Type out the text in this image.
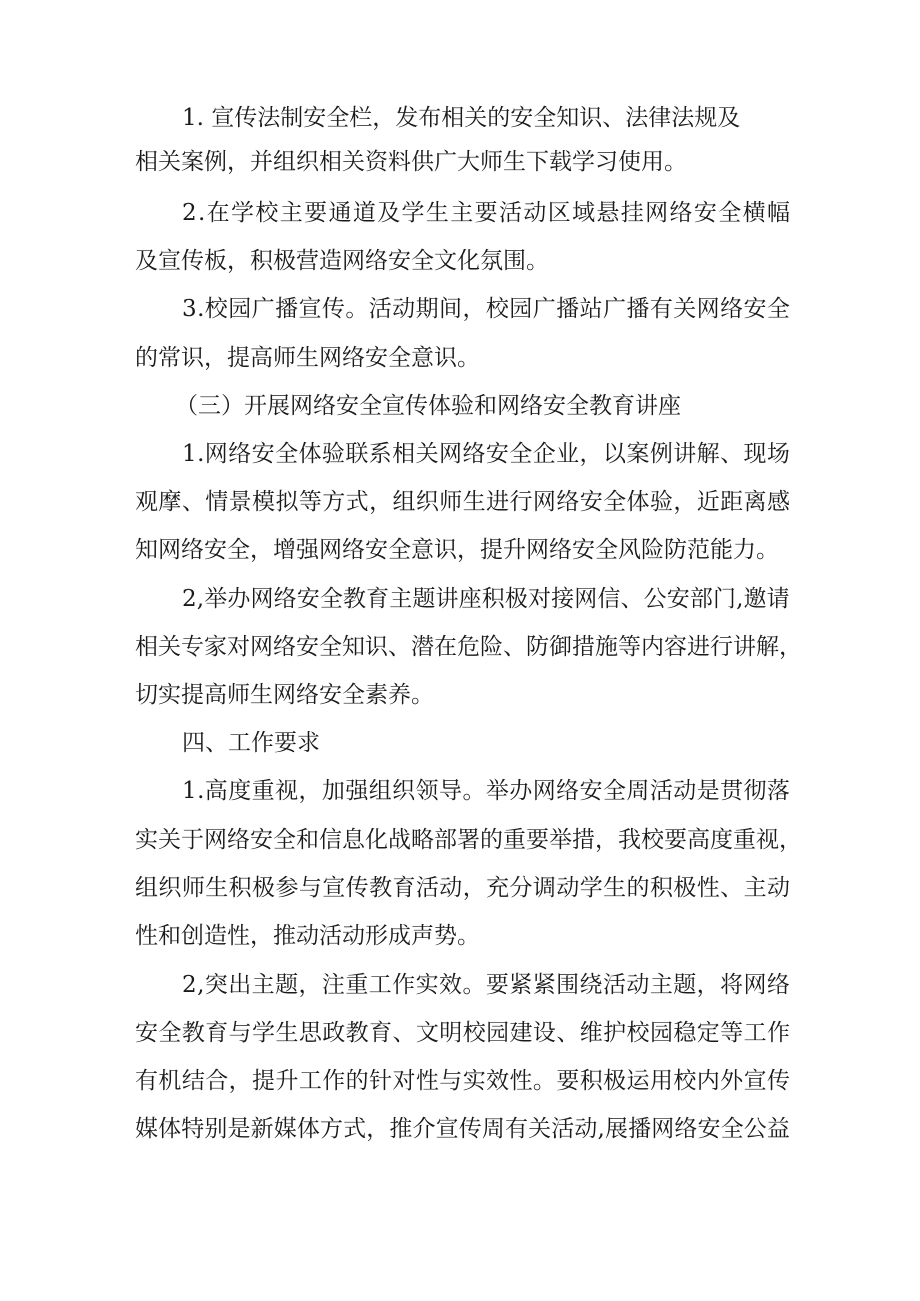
1. 宣传法制安全栏，发布相关的安全知识、法律法规及
相关案例，并组织相关资料供广大师生下载学习使用。
2 . 在 学 校 主 要 通 道 及 学 生 主 要 活 动 区 域 悬 挂 网 络 安 全 横 幅
及宣传板，积极营造网络安全文化氛围。
3 . 校 园 广 播 宣 传 。 活 动 期 间 ， 校 园 广 播 站 广 播 有 关 网 络 安 全
的常识，提高师生网络安全意识。
（三）开展网络安全宣传体验和网络安全教育讲座
1 . 网 络 安 全 体 验 联 系 相 关 网 络 安 全 企 业 ， 以 案 例 讲 解 、 现 场
观 摩 、 情 景 模 拟 等 方 式 ， 组 织 师 生 进 行 网 络 安 全 体 验 ， 近 距 离 感
知网络安全，增强网络安全意识，提升网络安全风险防范能力。
2 , 举 办 网 络 安 全 教 育 主 题 讲 座 积 极 对 接 网 信 、 公 安 部 门 , 邀 请
相 关 专 家 对 网 络 安 全 知 识 、 潜 在 危 险 、 防 御 措 施 等 内 容 进 行 讲 解 ，
切实提高师生网络安全素养。
四、工作要求
1 . 高 度 重 视 ， 加 强 组 织 领 导 。 举 办 网 络 安 全 周 活 动 是 贯 彻 落
实 关 于 网 络 安 全 和 信 息 化 战 略 部 署 的 重 要 举 措 ， 我 校 要 高 度 重 视 ，
组 织 师 生 积 极 参 与 宣 传 教 育 活 动 ， 充 分 调 动 学 生 的 积 极 性 、 主 动
性和创造性，推动活动形成声势。
2 , 突 出 主 题 ， 注 重 工 作 实 效 。 要 紧 紧 围 绕 活 动 主 题 ， 将 网 络
安 全 教 育 与 学 生 思 政 教 育 、 文 明 校 园 建 设 、 维 护 校 园 稳 定 等 工 作
有 机 结 合 ， 提 升 工 作 的 针 对 性 与 实 效 性 。 要 积 极 运 用 校 内 外 宣 传
媒 体 特 别 是 新 媒 体 方 式 ， 推 介 宣 传 周 有 关 活 动 , 展 播 网 络 安 全 公 益
